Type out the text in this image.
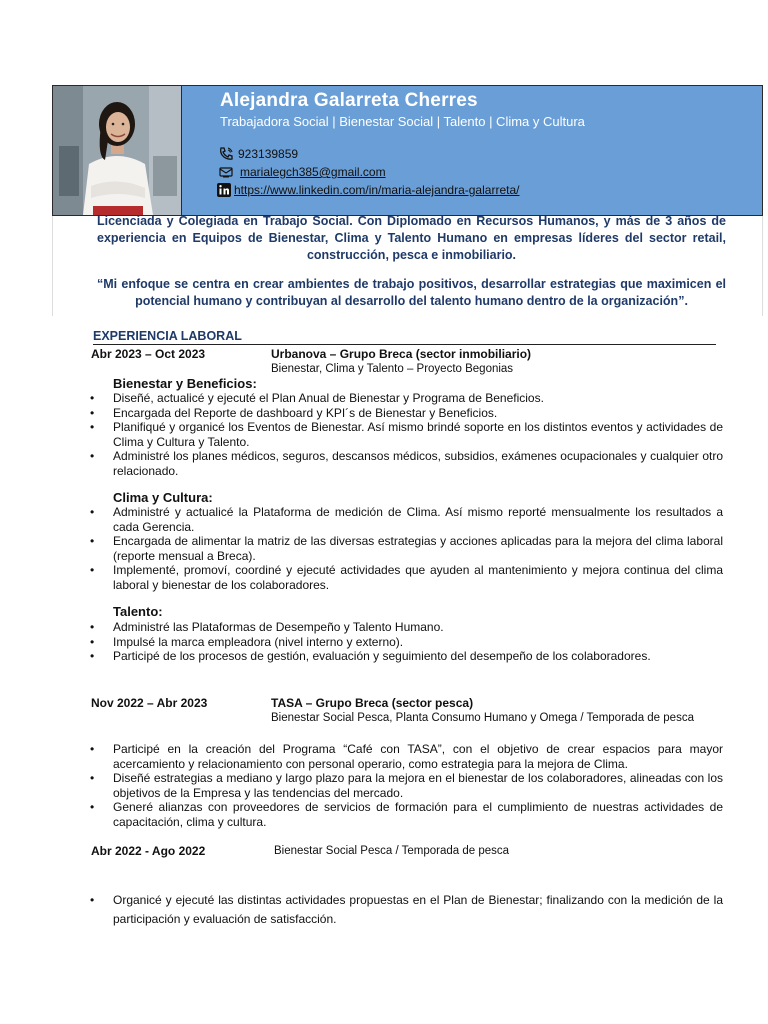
Alejandra Galarreta Cherres
Trabajadora Social | Bienestar Social | Talento | Clima y Cultura
923139859
marialegch385@gmail.com
https://www.linkedin.com/in/maria-alejandra-galarreta/

Licenciada y Colegiada en Trabajo Social. Con Diplomado en Recursos Humanos, y más de 3 años de experiencia en Equipos de Bienestar, Clima y Talento Humano en empresas líderes del sector retail, construcción, pesca e inmobiliario.

“Mi enfoque se centra en crear ambientes de trabajo positivos, desarrollar estrategias que maximicen el potencial humano y contribuyan al desarrollo del talento humano dentro de la organización”.

EXPERIENCIA LABORAL
Abr 2023 – Oct 2023	Urbanova – Grupo Breca (sector inmobiliario)
Bienestar, Clima y Talento – Proyecto Begonias
Bienestar y Beneficios:
• Diseñé, actualicé y ejecuté el Plan Anual de Bienestar y Programa de Beneficios.
• Encargada del Reporte de dashboard y KPI´s de Bienestar y Beneficios.
• Planifiqué y organicé los Eventos de Bienestar. Así mismo brindé soporte en los distintos eventos y actividades de Clima y Cultura y Talento.
• Administré los planes médicos, seguros, descansos médicos, subsidios, exámenes ocupacionales y cualquier otro relacionado.
Clima y Cultura:
• Administré y actualicé la Plataforma de medición de Clima. Así mismo reporté mensualmente los resultados a cada Gerencia.
• Encargada de alimentar la matriz de las diversas estrategias y acciones aplicadas para la mejora del clima laboral (reporte mensual a Breca).
• Implementé, promoví, coordiné y ejecuté actividades que ayuden al mantenimiento y mejora continua del clima laboral y bienestar de los colaboradores.
Talento:
• Administré las Plataformas de Desempeño y Talento Humano.
• Impulsé la marca empleadora (nivel interno y externo).
• Participé de los procesos de gestión, evaluación y seguimiento del desempeño de los colaboradores.
Nov 2022 – Abr 2023	TASA – Grupo Breca (sector pesca)
Bienestar Social Pesca, Planta Consumo Humano y Omega / Temporada de pesca
• Participé en la creación del Programa “Café con TASA”, con el objetivo de crear espacios para mayor acercamiento y relacionamiento con personal operario, como estrategia para la mejora de Clima.
• Diseñé estrategias a mediano y largo plazo para la mejora en el bienestar de los colaboradores, alineadas con los objetivos de la Empresa y las tendencias del mercado.
• Generé alianzas con proveedores de servicios de formación para el cumplimiento de nuestras actividades de capacitación, clima y cultura.
Abr 2022 - Ago 2022	Bienestar Social Pesca / Temporada de pesca
• Organicé y ejecuté las distintas actividades propuestas en el Plan de Bienestar; finalizando con la medición de la participación y evaluación de satisfacción.
